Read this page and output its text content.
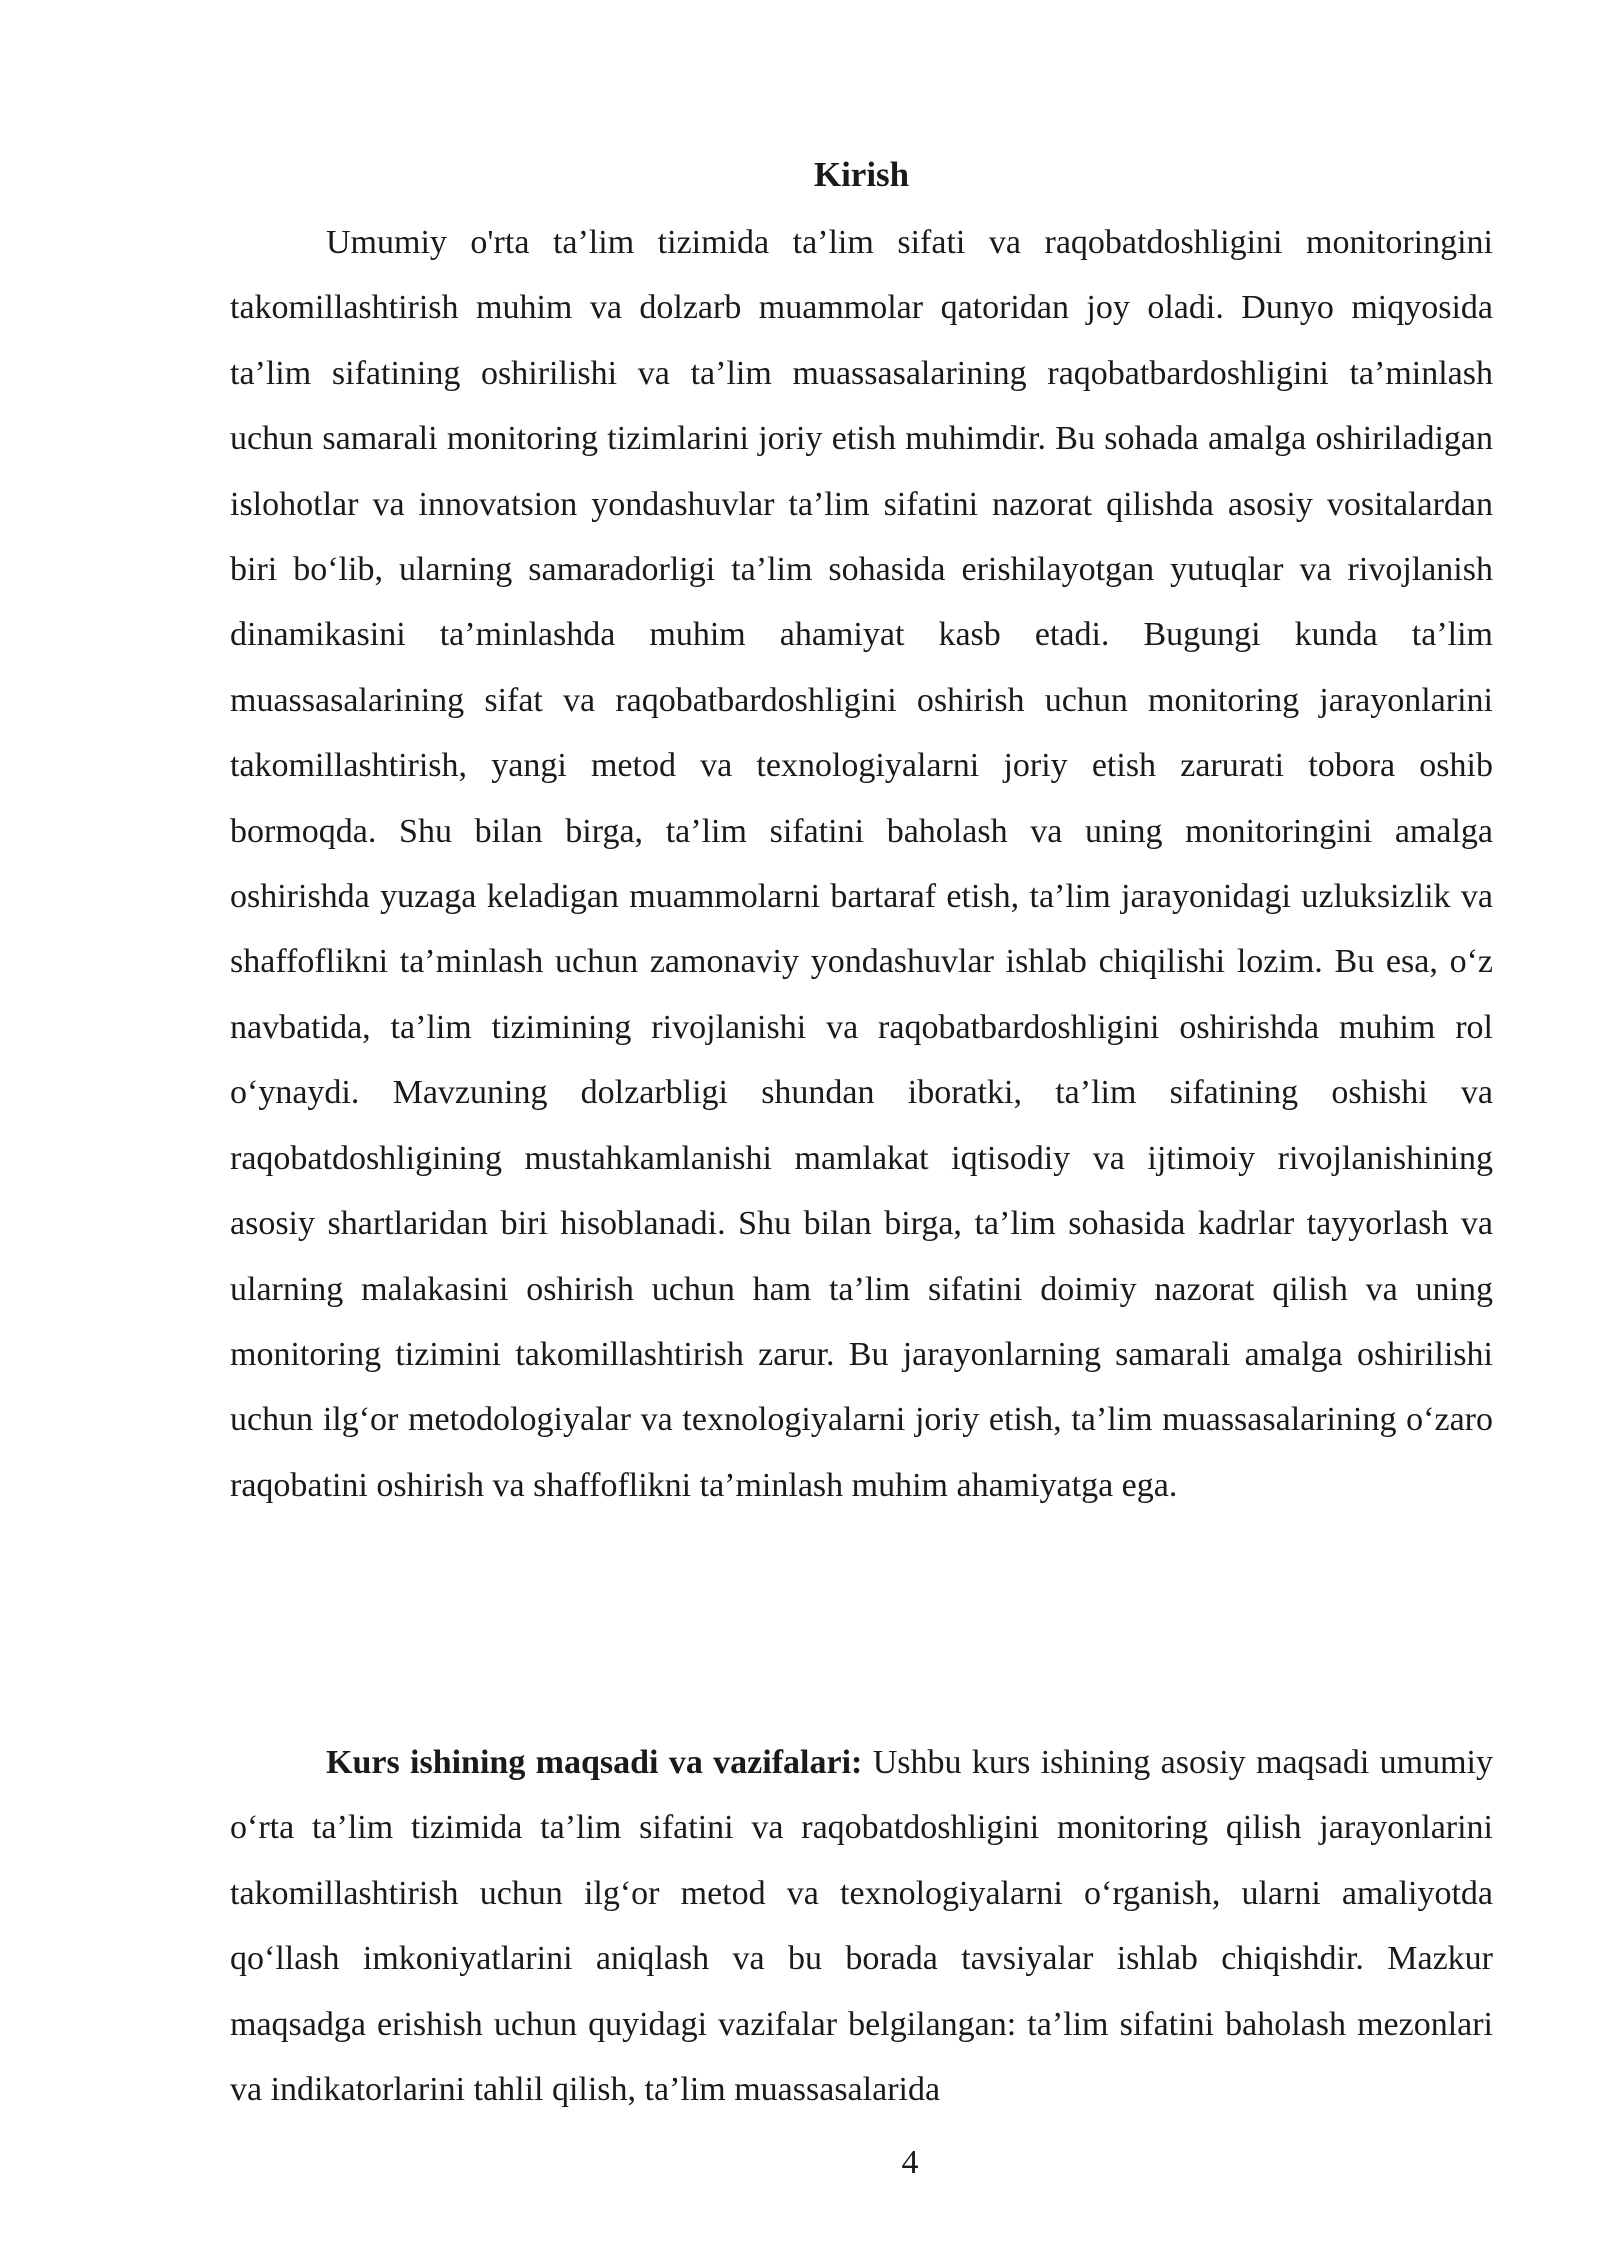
Kirish

Umumiy o'rta ta’lim tizimida ta’lim sifati va raqobatdoshligini monitoringini takomillashtirish muhim va dolzarb muammolar qatoridan joy oladi. Dunyo miqyosida ta’lim sifatining oshirilishi va ta’lim muassasalarining raqobatbardoshligini ta’minlash uchun samarali monitoring tizimlarini joriy etish muhimdir. Bu sohada amalga oshiriladigan islohotlar va innovatsion yondashuvlar ta’lim sifatini nazorat qilishda asosiy vositalardan biri bo‘lib, ularning samaradorligi ta’lim sohasida erishilayotgan yutuqlar va rivojlanish dinamikasini ta’minlashda muhim ahamiyat kasb etadi. Bugungi kunda ta’lim muassasalarining sifat va raqobatbardoshligini oshirish uchun monitoring jarayonlarini takomillashtirish, yangi metod va texnologiyalarni joriy etish zarurati tobora oshib bormoqda. Shu bilan birga, ta’lim sifatini baholash va uning monitoringini amalga oshirishda yuzaga keladigan muammolarni bartaraf etish, ta’lim jarayonidagi uzluksizlik va shaffoflikni ta’minlash uchun zamonaviy yondashuvlar ishlab chiqilishi lozim. Bu esa, o‘z navbatida, ta’lim tizimining rivojlanishi va raqobatbardoshligini oshirishda muhim rol o‘ynaydi. Mavzuning dolzarbligi shundan iboratki, ta’lim sifatining oshishi va raqobatdoshligining mustahkamlanishi mamlakat iqtisodiy va ijtimoiy rivojlanishining asosiy shartlaridan biri hisoblanadi. Shu bilan birga, ta’lim sohasida kadrlar tayyorlash va ularning malakasini oshirish uchun ham ta’lim sifatini doimiy nazorat qilish va uning monitoring tizimini takomillashtirish zarur. Bu jarayonlarning samarali amalga oshirilishi uchun ilg‘or metodologiyalar va texnologiyalarni joriy etish, ta’lim muassasalarining o‘zaro raqobatini oshirish va shaffoflikni ta’minlash muhim ahamiyatga ega.

Kurs ishining maqsadi va vazifalari: Ushbu kurs ishining asosiy maqsadi umumiy o‘rta ta’lim tizimida ta’lim sifatini va raqobatdoshligini monitoring qilish jarayonlarini takomillashtirish uchun ilg‘or metod va texnologiyalarni o‘rganish, ularni amaliyotda qo‘llash imkoniyatlarini aniqlash va bu borada tavsiyalar ishlab chiqishdir. Mazkur maqsadga erishish uchun quyidagi vazifalar belgilangan: ta’lim sifatini baholash mezonlari va indikatorlarini tahlil qilish, ta’lim muassasalarida

4
